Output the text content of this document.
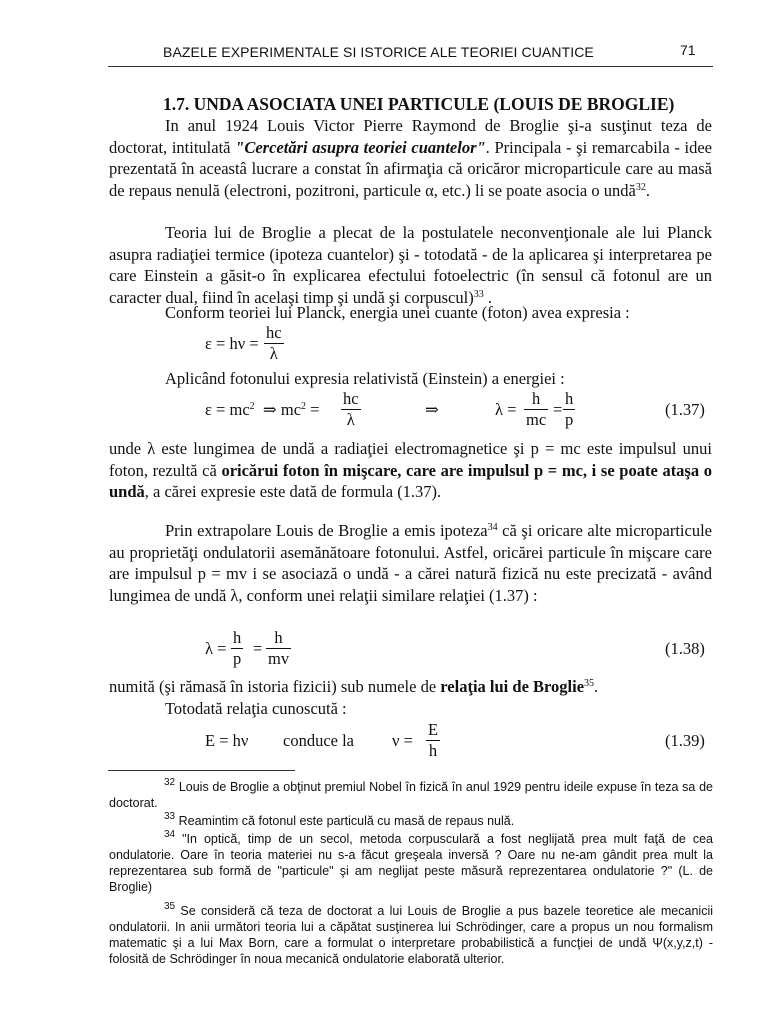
BAZELE EXPERIMENTALE SI ISTORICE ALE TEORIEI CUANTICE	71
1.7. UNDA ASOCIATA UNEI PARTICULE (LOUIS DE BROGLIE)

In anul 1924 Louis Victor Pierre Raymond de Broglie şi-a susţinut teza de doctorat, intitulată "Cercetări asupra teoriei cuantelor". Principala - şi remarcabila - idee prezentată în aceastâ lucrare a constat în afirmaţia că oricăror microparticule care au masă de repaus nenulă (electroni, pozitroni, particule α, etc.) li se poate asocia o undă$^{32}$.

Teoria lui de Broglie a plecat de la postulatele neconvenţionale ale lui Planck asupra radiaţiei termice (ipoteza cuantelor) şi - totodată - de la aplicarea şi interpretarea pe care Einstein a găsit-o în explicarea efectului fotoelectric (în sensul că fotonul are un caracter dual, fiind în acelaşi timp şi undă şi corpuscul)$^{33}$ .

Conform teoriei lui Planck, energia unei cuante (foton) avea expresia :
$\varepsilon = h\nu = \frac{hc}{\lambda}$
Aplicând fotonului expresia relativistă (Einstein) a energiei :
$\varepsilon = mc^2$ ⇒ $mc^2 = \frac{hc}{\lambda}$	⇒	$\lambda = \frac{h}{mc} = \frac{h}{p}$	(1.37)

unde λ este lungimea de undă a radiaţiei electromagnetice şi p = mc este impulsul unui foton, rezultă că oricărui foton în mişcare, care are impulsul p = mc, i se poate ataşa o undă, a cărei expresie este dată de formula (1.37).

Prin extrapolare Louis de Broglie a emis ipoteza$^{34}$ că şi oricare alte microparticule au proprietăţi ondulatorii asemănătoare fotonului. Astfel, oricărei particule în mişcare care are impulsul p = mv i se asociază o undă - a cărei natură fizică nu este precizată - având lungimea de undă λ, conform unei relaţii similare relaţiei (1.37) :

$\lambda = \frac{h}{p} = \frac{h}{mv}$	(1.38)
numită (şi rămasă în istoria fizicii) sub numele de relaţia lui de Broglie$^{35}$.
Totodată relaţia cunoscută :
E = hν conduce la $\nu = \frac{E}{h}$	(1.39)

$^{32}$ Louis de Broglie a obţinut premiul Nobel în fizică în anul 1929 pentru ideile expuse în teza sa de doctorat.

$^{33}$ Reamintim că fotonul este particulă cu masă de repaus nulă.

$^{34}$ "In optică, timp de un secol, metoda corpusculară a fost neglijată prea mult faţă de cea ondulatorie. Oare în teoria materiei nu s-a făcut greşeala inversă ? Oare nu ne-am gândit prea mult la reprezentarea sub formă de "particule" şi am neglijat peste măsură reprezentarea ondulatorie ?" (L. de Broglie)

$^{35}$ Se consideră că teza de doctorat a lui Louis de Broglie a pus bazele teoretice ale mecanicii ondulatorii. In anii următori teoria lui a căpătat susţinerea lui Schrödinger, care a propus un nou formalism matematic şi a lui Max Born, care a formulat o interpretare probabilistică a funcţiei de undă Ψ(x,y,z,t) - folosită de Schrödinger în noua mecanică ondulatorie elaborată ulterior.
